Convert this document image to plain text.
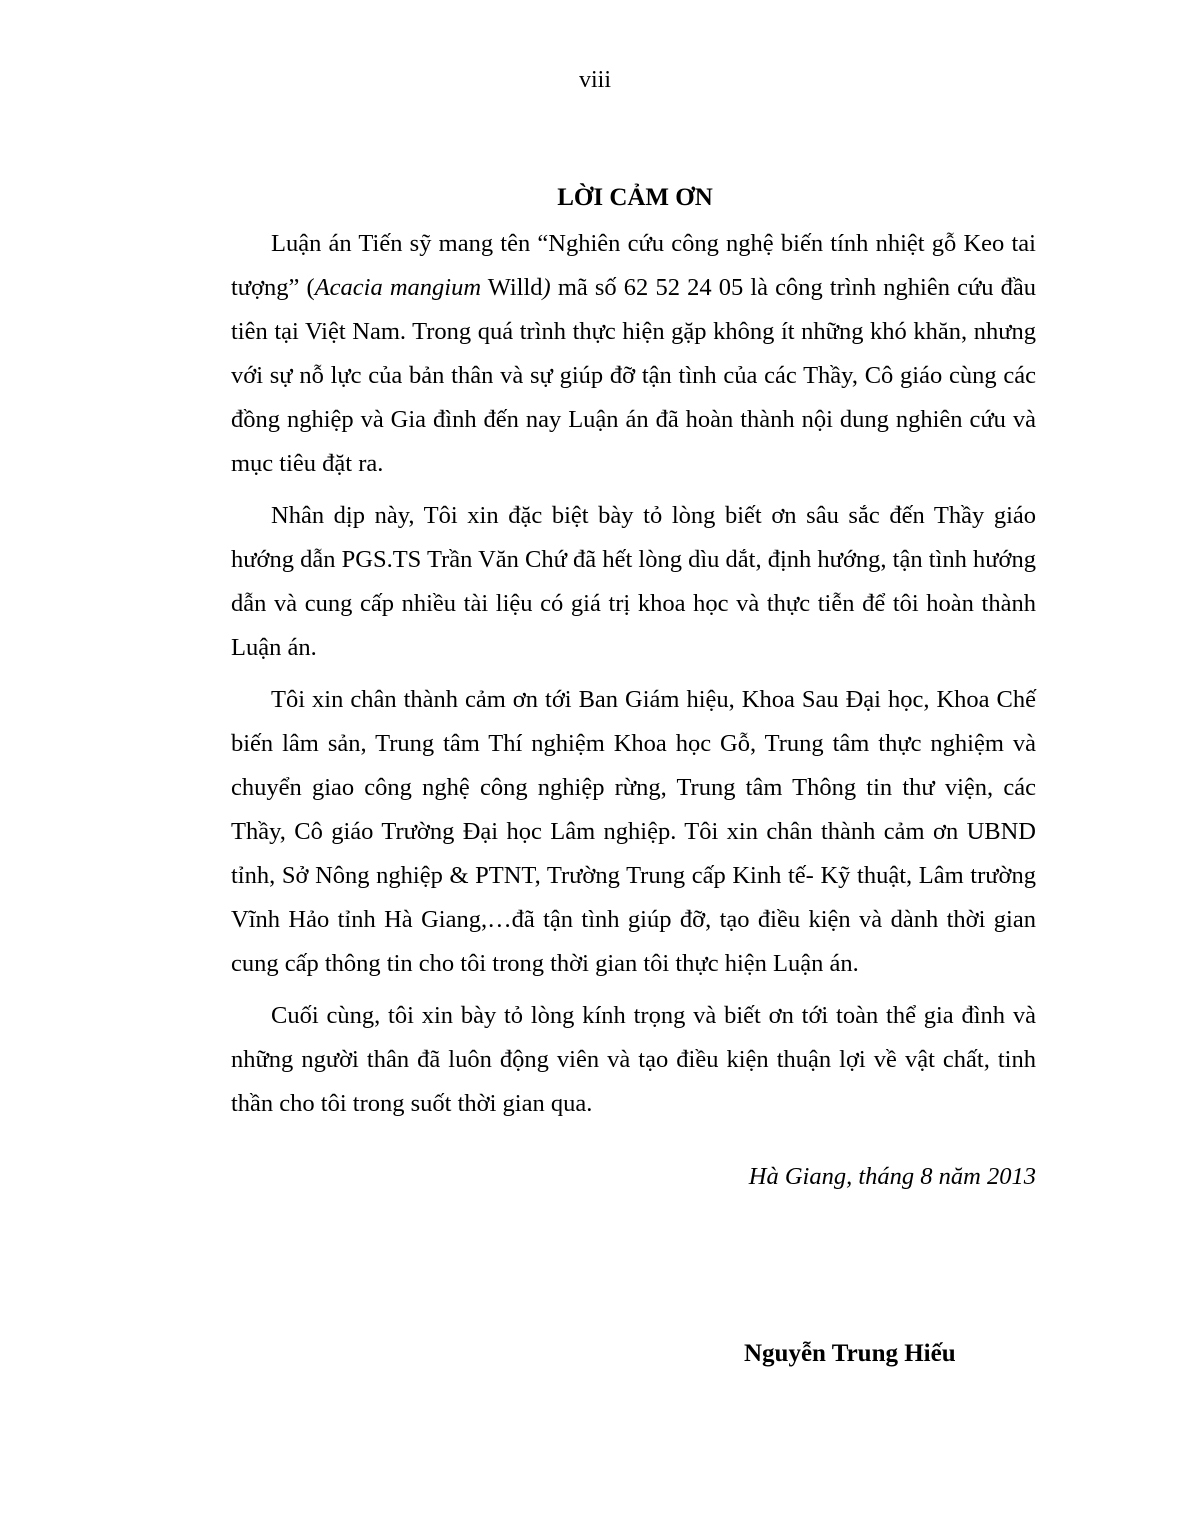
viii
LỜI CẢM ƠN

Luận án Tiến sỹ mang tên “Nghiên cứu công nghệ biến tính nhiệt gỗ Keo tai tượng” (Acacia mangium Willd) mã số 62 52 24 05 là công trình nghiên cứu đầu tiên tại Việt Nam. Trong quá trình thực hiện gặp không ít những khó khăn, nhưng với sự nỗ lực của bản thân và sự giúp đỡ tận tình của các Thầy, Cô giáo cùng các đồng nghiệp và Gia đình đến nay Luận án đã hoàn thành nội dung nghiên cứu và mục tiêu đặt ra.

Nhân dịp này, Tôi xin đặc biệt bày tỏ lòng biết ơn sâu sắc đến Thầy giáo hướng dẫn PGS.TS Trần Văn Chứ đã hết lòng dìu dắt, định hướng, tận tình hướng dẫn và cung cấp nhiều tài liệu có giá trị khoa học và thực tiễn để tôi hoàn thành Luận án.

Tôi xin chân thành cảm ơn tới Ban Giám hiệu, Khoa Sau Đại học, Khoa Chế biến lâm sản, Trung tâm Thí nghiệm Khoa học Gỗ, Trung tâm thực nghiệm và chuyển giao công nghệ công nghiệp rừng, Trung tâm Thông tin thư viện, các Thầy, Cô giáo Trường Đại học Lâm nghiệp. Tôi xin chân thành cảm ơn UBND tỉnh, Sở Nông nghiệp & PTNT, Trường Trung cấp Kinh tế- Kỹ thuật, Lâm trường Vĩnh Hảo tỉnh Hà Giang,…đã tận tình giúp đỡ, tạo điều kiện và dành thời gian cung cấp thông tin cho tôi trong thời gian tôi thực hiện Luận án.

Cuối cùng, tôi xin bày tỏ lòng kính trọng và biết ơn tới toàn thể gia đình và những người thân đã luôn động viên và tạo điều kiện thuận lợi về vật chất, tinh thần cho tôi trong suốt thời gian qua.

Hà Giang, tháng 8 năm 2013
Nguyễn Trung Hiếu
